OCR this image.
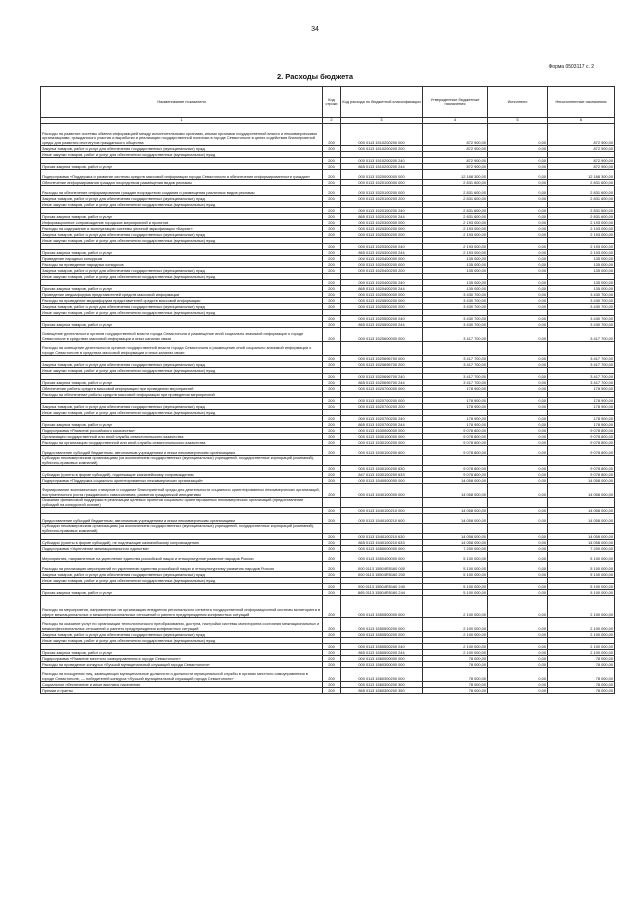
34
Форма 0503117 с. 2
2. Расходы бюджета
Наименование показателя	Код строки	Код расхода по бюджетной классификации	Утвержденные бюджетные назначения	Исполнено	Неисполненные назначения
1	2	3	4	5	6
Расходы на развитие системы обмена информацией между исполнительными органами, иными органами государственной власти и некоммерческими организациями, гражданского участия и выработки и реализации государственной политики в городе Севастополе в целях содействия благоприятной среды для развития институтов гражданского общества	200	000 0113 1510200200 000	872 900,00	0,00	872 900,00
Закупка товаров, работ и услуг для обеспечения государственных (муниципальных) нужд	200	000 0113 1510200200 200	872 900,00	0,00	872 900,00
Иные закупки товаров, работ и услуг для обеспечения государственных (муниципальных) нужд					
	200	000 0113 1510200200 240	872 900,00	0,00	872 900,00
Прочая закупка товаров, работ и услуг	200	865 0113 1510200200 244	872 900,00	0,00	872 900,00
Подпрограмма «Поддержка и развитие системы средств массовой информации города Севастополя и обеспечение информированности граждан»	200	000 0113 1520000000 000	12 188 300,00	0,00	12 188 300,00
Обеспечение информирования граждан посредством размещения видов рекламы	200	000 0113 1520100000 000	2 831 600,00	0,00	2 831 600,00
Расходы на обеспечение информирования граждан посредством создания и размещения различных видов рекламы	200	000 0113 1520100200 000	2 831 600,00	0,00	2 831 600,00
Закупка товаров, работ и услуг для обеспечения государственных (муниципальных) нужд	200	000 0113 1520100200 200	2 831 600,00	0,00	2 831 600,00
Иные закупки товаров, работ и услуг для обеспечения государственных (муниципальных) нужд					
	200	000 0113 1520100200 240	2 831 600,00	0,00	2 831 600,00
Прочая закупка товаров, работ и услуг	200	865 0113 1520100200 244	2 831 600,00	0,00	2 831 600,00
Информационное сопровождение городских мероприятий и проектов	200	000 0113 1520300000 000	2 193 000,00	0,00	2 193 000,00
Расходы на содержание и эксплуатацию системы уличной звукофикации «Бархат»	200	000 0113 1520300200 000	2 193 000,00	0,00	2 193 000,00
Закупка товаров, работ и услуг для обеспечения государственных (муниципальных) нужд	200	000 0113 1520300200 200	2 193 000,00	0,00	2 193 000,00
Иные закупки товаров, работ и услуг для обеспечения государственных (муниципальных) нужд					
	200	000 0113 1520300200 240	2 193 000,00	0,00	2 193 000,00
Прочая закупка товаров, работ и услуг	200	865 0113 1520300200 244	2 193 000,00	0,00	2 193 000,00
Проведение народных конкурсов	200	000 0113 1520400000 000	135 000,00	0,00	135 000,00
Расходы на проведение народных конкурсов	200	000 0113 1520400200 000	135 000,00	0,00	135 000,00
Закупка товаров, работ и услуг для обеспечения государственных (муниципальных) нужд	200	000 0113 1520400200 200	135 000,00	0,00	135 000,00
Иные закупки товаров, работ и услуг для обеспечения государственных (муниципальных) нужд					
	200	000 0113 1520400200 240	135 000,00	0,00	135 000,00
Прочая закупка товаров, работ и услуг	200	865 0113 1520400200 244	135 000,00	0,00	135 000,00
Проведение медиафорума представителей средств массовой информации	200	000 0113 1520500000 000	3 430 700,00	0,00	3 430 700,00
Расходы на проведение медиафорума представителей средств массовой информации	200	000 0113 1520500200 000	3 430 700,00	0,00	3 430 700,00
Закупка товаров, работ и услуг для обеспечения государственных (муниципальных) нужд	200	000 0113 1520500200 200	3 430 700,00	0,00	3 430 700,00
Иные закупки товаров, работ и услуг для обеспечения государственных (муниципальных) нужд					
	200	000 0113 1520500200 240	3 430 700,00	0,00	3 430 700,00
Прочая закупка товаров, работ и услуг	200	865 0113 1520500200 244	3 430 700,00	0,00	3 430 700,00
Освещение деятельности органов государственной власти города Севастополя и размещение иной социально значимой информации о городе Севастополе в средствах массовой информации и иных каналах связи	200	000 0113 1520600000 000	3 417 700,00	0,00	3 417 700,00
Расходы на освещение деятельности органов государственной власти города Севастополя и размещение иной социально значимой информации о городе Севастополе в средствах массовой информации и иных каналах связи					
	200	000 0113 1520696700 000	3 417 700,00	0,00	3 417 700,00
Закупка товаров, работ и услуг для обеспечения государственных (муниципальных) нужд	200	000 0113 1520696700 200	3 417 700,00	0,00	3 417 700,00
Иные закупки товаров, работ и услуг для обеспечения государственных (муниципальных) нужд					
	200	000 0113 1520696700 240	3 417 700,00	0,00	3 417 700,00
Прочая закупка товаров, работ и услуг	200	865 0113 1520696700 244	3 417 700,00	0,00	3 417 700,00
Обеспечение работы средств массовой информации при проведении мероприятий	200	000 0113 1520700000 000	178 900,00	0,00	178 900,00
Расходы на обеспечение работы средств массовой информации при проведении мероприятий					
	200	000 0113 1520700200 000	178 900,00	0,00	178 900,00
Закупка товаров, работ и услуг для обеспечения государственных (муниципальных) нужд	200	000 0113 1520700200 200	178 900,00	0,00	178 900,00
Иные закупки товаров, работ и услуг для обеспечения государственных (муниципальных) нужд					
	200	000 0113 1520700200 240	178 900,00	0,00	178 900,00
Прочая закупка товаров, работ и услуг	200	865 0113 1520700200 244	178 900,00	0,00	178 900,00
Подпрограмма «Развитие российского казачества»	200	000 0113 1530000000 000	9 078 800,00	0,00	9 078 800,00
Организация государственной или иной службы севастопольского казачества	200	000 0113 1530100000 000	9 078 800,00	0,00	9 078 800,00
Расходы на организацию государственной или иной службы севастопольского казачества	200	000 0113 1530100200 000	9 078 800,00	0,00	9 078 800,00
Предоставление субсидий бюджетным, автономным учреждениям и иным некоммерческим организациям	200	000 0113 1530100200 600	9 078 800,00	0,00	9 078 800,00
Субсидии некоммерческим организациям (за исключением государственных (муниципальных) учреждений, государственных корпораций (компаний), публично-правовых компаний)					
	200	000 0113 1530100200 630	9 078 800,00	0,00	9 078 800,00
Субсидии (гранты в форме субсидий), подлежащие казначейскому сопровождению	200	847 0113 1530100200 633	9 078 800,00	0,00	9 078 800,00
Подпрограмма «Поддержка социально ориентированных некоммерческих организаций»	200	000 0113 1540000000 000	14 058 000,00	0,00	14 058 000,00
Формирование экономических стимулов и создание благоприятной среды для деятельности социально ориентированных некоммерческих организаций, поступательного роста гражданского самосознания, развития гражданской инициативы	200	000 0113 1540100000 000	14 058 000,00	0,00	14 058 000,00
Оказание финансовой поддержки в реализации целевых проектов социально ориентированных некоммерческих организаций (предоставление субсидий на конкурсной основе)					
	200	000 0113 1540100210 000	14 058 000,00	0,00	14 058 000,00
Предоставление субсидий бюджетным, автономным учреждениям и иным некоммерческим организациям	200	000 0113 1540100210 600	14 058 000,00	0,00	14 058 000,00
Субсидии некоммерческим организациям (за исключением государственных (муниципальных) учреждений, государственных корпораций (компаний), публично-правовых компаний)					
	200	000 0113 1540100210 630	14 058 000,00	0,00	14 058 000,00
Субсидии (гранты в форме субсидий), не подлежащие казначейскому сопровождению	200	865 0113 1540100210 633	14 058 000,00	0,00	14 058 000,00
Подпрограмма «Укрепление межнационального единства»	200	000 0113 1550000000 000	7 200 000,00	0,00	7 200 000,00
Мероприятия, направленные на укрепление единства российской нации и этнокультурное развитие народов России	200	000 0113 1550400000 000	5 100 000,00	0,00	5 100 000,00
Расходы на реализацию мероприятий по укреплению единства российской нации и этнокультурному развитию народов России	200	000 0113 15504R5160 000	5 100 000,00	0,00	5 100 000,00
Закупка товаров, работ и услуг для обеспечения государственных (муниципальных) нужд	200	000 0113 15504R5160 200	5 100 000,00	0,00	5 100 000,00
Иные закупки товаров, работ и услуг для обеспечения государственных (муниципальных) нужд					
	200	000 0113 15504R5160 240	5 100 000,00	0,00	5 100 000,00
Прочая закупка товаров, работ и услуг	200	865 0113 15504R5160 244	5 100 000,00	0,00	5 100 000,00
Расходы на мероприятия, направленные на организацию внедрения регионального сегмента государственной информационной системы мониторинга в сфере межнациональных и межконфессиональных отношений и раннего предупреждения конфликтных ситуаций	200	000 0113 1550500000 000	2 100 000,00	0,00	2 100 000,00
Расходы на оказание услуг по организации технологического преобразования, доступа, настройки системы мониторинга состояния межнациональных и межконфессиональных отношений и раннего предупреждения конфликтных ситуаций	200	000 0113 1550500200 000	2 100 000,00	0,00	2 100 000,00
Закупка товаров, работ и услуг для обеспечения государственных (муниципальных) нужд	200	000 0113 1550500200 200	2 100 000,00	0,00	2 100 000,00
Иные закупки товаров, работ и услуг для обеспечения государственных (муниципальных) нужд					
	200	000 0113 1550500200 240	2 100 000,00	0,00	2 100 000,00
Прочая закупка товаров, работ и услуг	200	865 0113 1550500200 244	2 100 000,00	0,00	2 100 000,00
Подпрограмма «Развитие местного самоуправления в городе Севастополе»	200	000 0113 1560000000 000	78 000,00	0,00	78 000,00
Расходы на проведение конкурса «Лучший муниципальный служащий города Севастополя»	200	000 0113 1560300000 000	78 000,00	0,00	78 000,00
Расходы на поощрения лиц, замещающих муниципальные должности и должности муниципальной службы в органах местного самоуправления в городе Севастополе, — победителей конкурса «Лучший муниципальный служащий города Севастополя»	200	000 0113 1560300200 000	78 000,00	0,00	78 000,00
Социальное обеспечение и иные выплаты населению	200	000 0113 1560300200 300	78 000,00	0,00	78 000,00
Премии и гранты	200	865 0113 1560300200 350	78 000,00	0,00	78 000,00
